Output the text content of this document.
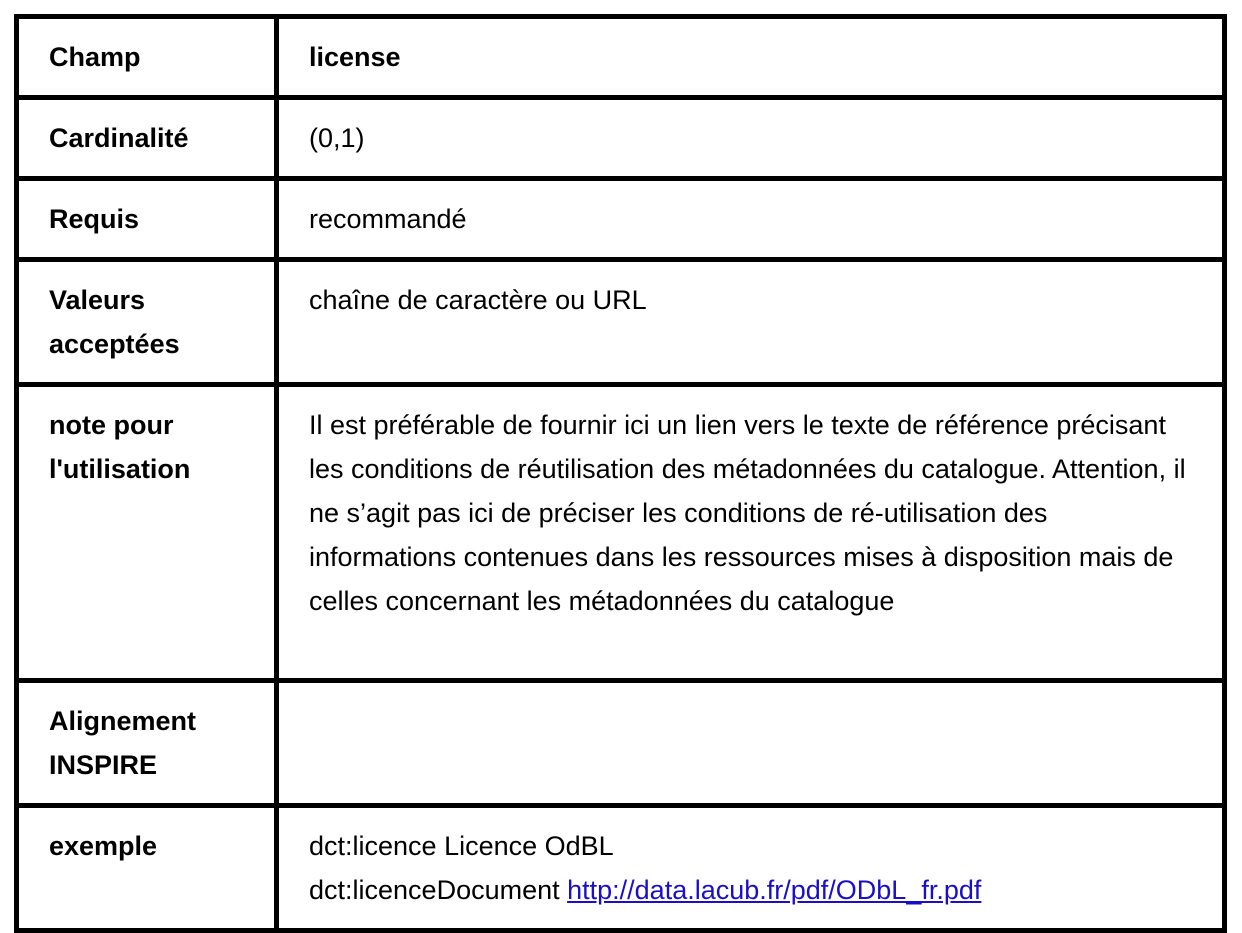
Champ	license
Cardinalité	(0,1)
Requis	recommandé
Valeurs acceptées	chaîne de caractère ou URL
note pour l'utilisation	Il est préférable de fournir ici un lien vers le texte de référence précisant les conditions de réutilisation des métadonnées du catalogue. Attention, il ne s’agit pas ici de préciser les conditions de ré-utilisation des informations contenues dans les ressources mises à disposition mais de celles concernant les métadonnées du catalogue
Alignement INSPIRE	
exemple	dct:licence Licence OdBL
dct:licenceDocument http://data.lacub.fr/pdf/ODbL_fr.pdf
